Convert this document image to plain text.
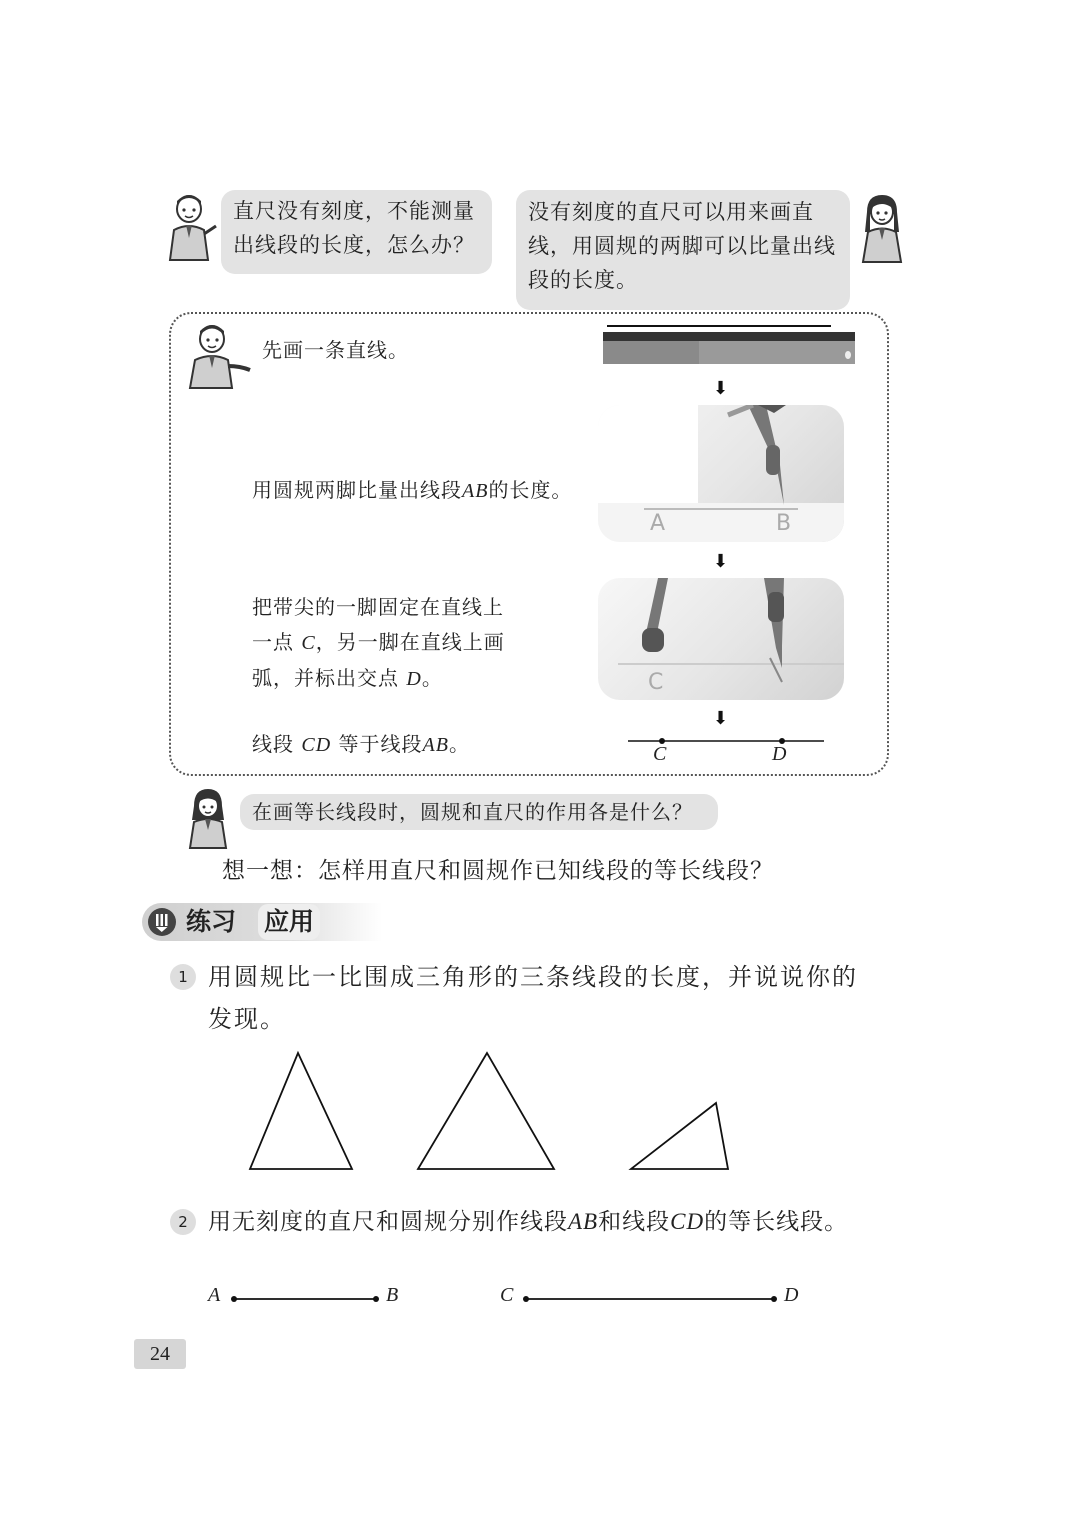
直尺没有刻度，不能测量出线段的长度，怎么办？
没有刻度的直尺可以用来画直线，用圆规的两脚可以比量出线段的长度。
先画一条直线。
⬇
用圆规两脚比量出线段AB的长度。
A	B
⬇
把带尖的一脚固定在直线上
一点 C，另一脚在直线上画
弧，并标出交点 D。	C
⬇
线段 CD 等于线段AB。	C	D
在画等长线段时，圆规和直尺的作用各是什么？
想一想：怎样用直尺和圆规作已知线段的等长线段？
练习 应用
1 用圆规比一比围成三角形的三条线段的长度，并说说你的
发现。
2 用无刻度的直尺和圆规分别作线段AB和线段CD的等长线段。
A	B	C	D
24
